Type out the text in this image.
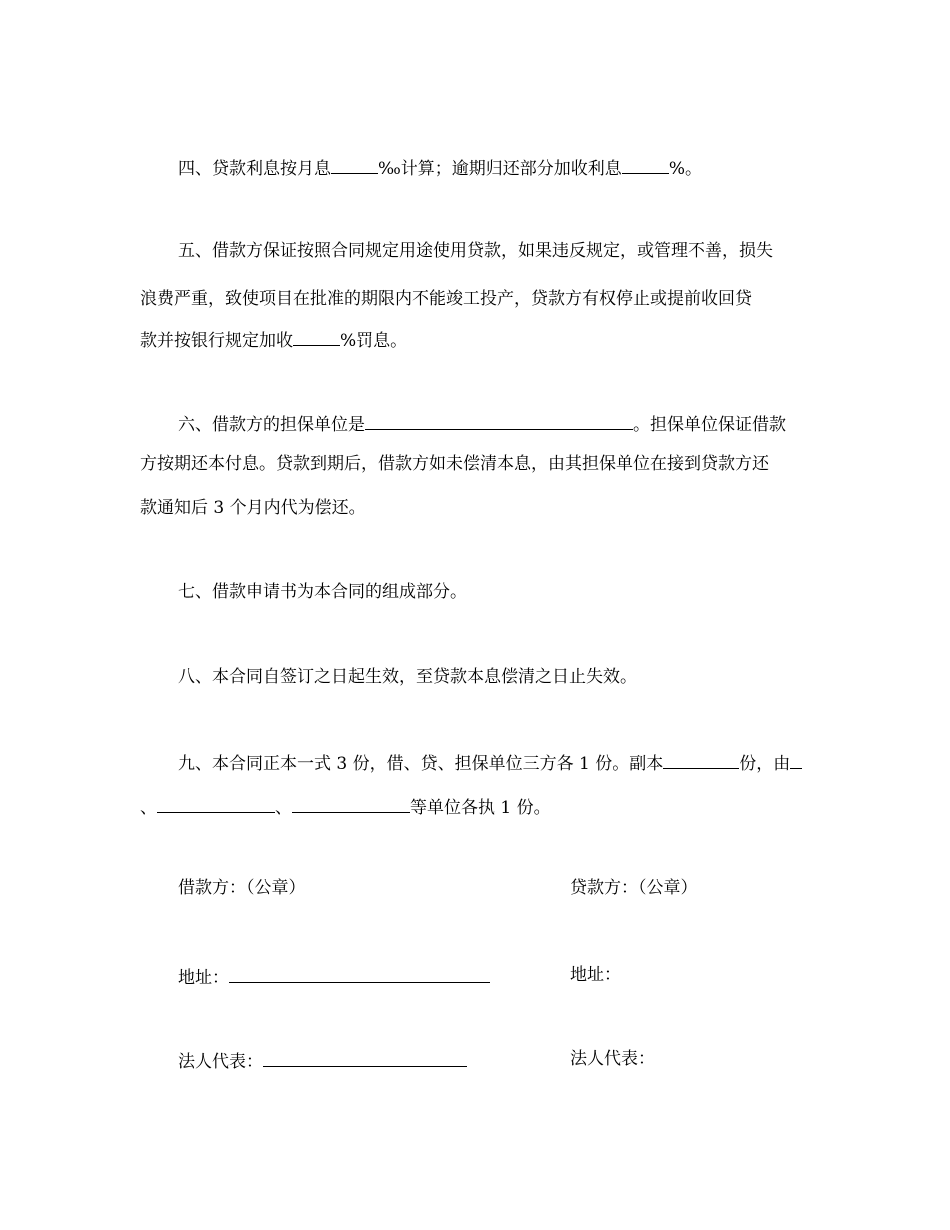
四、贷款利息按月息	‰计算；逾期归还部分加收利息	%。
五、借款方保证按照合同规定用途使用贷款，如果违反规定，或管理不善，损失
浪费严重，致使项目在批准的期限内不能竣工投产，贷款方有权停止或提前收回贷
款并按银行规定加收	%罚息。
六、借款方的担保单位是	。担保单位保证借款
方按期还本付息。贷款到期后，借款方如未偿清本息，由其担保单位在接到贷款方还
款通知后 3 个月内代为偿还。
七、借款申请书为本合同的组成部分。
八、本合同自签订之日起生效，至贷款本息偿清之日止失效。
九、本合同正本一式 3 份，借、贷、担保单位三方各 1 份。副本	份，由
、	、	等单位各执 1 份。
借款方：（公章）	贷款方：（公章）
地址：	地址：
法人代表：	法人代表：
